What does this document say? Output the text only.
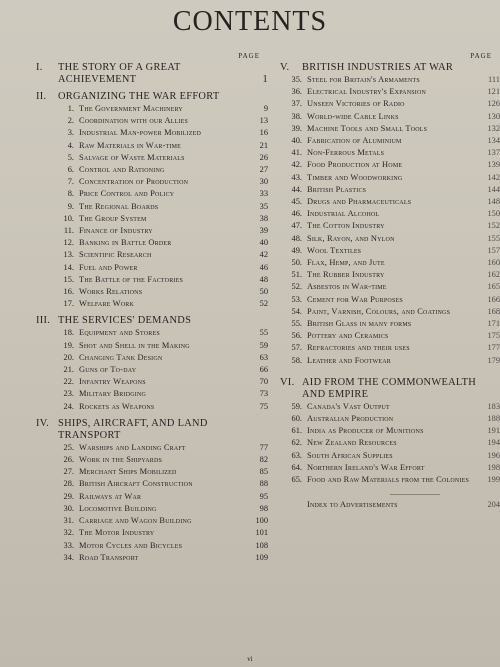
CONTENTS
PAGE
I.	THE STORY OF A GREAT ACHIEVEMENT	1
II.	ORGANIZING THE WAR EFFORT
1. The Government Machinery	9
2. Coordination with our Allies	13
3. Industrial Man-power Mobilized	16
4. Raw Materials in War-time	21
5. Salvage of Waste Materials	26
6. Control and Rationing	27
7. Concentration of Production	30
8. Price Control and Policy	33
9. The Regional Boards	35
10. The Group System	38
11. Finance of Industry	39
12. Banking in Battle Order	40
13. Scientific Research	42
14. Fuel and Power	46
15. The Battle of the Factories	48
16. Works Relations	50
17. Welfare Work	52
III. THE SERVICES' DEMANDS
18. Equipment and Stores	55
19. Shot and Shell in the Making	59
20. Changing Tank Design	63
21. Guns of To-day	66
22. Infantry Weapons	70
23. Military Bridging	73
24. Rockets as Weapons	75
IV. SHIPS, AIRCRAFT, AND LAND TRANSPORT
25. Warships and Landing Craft	77
26. Work in the Shipyards	82
27. Merchant Ships Mobilized	85
28. British Aircraft Construction	88
29. Railways at War	95
30. Locomotive Building	98
31. Carriage and Wagon Building	100
32. The Motor Industry	101
33. Motor Cycles and Bicycles	108
34. Road Transport	109
PAGE
V.	BRITISH INDUSTRIES AT WAR
35. Steel for Britain's Armaments	111
36. Electrical Industry's Expansion	121
37. Unseen Victories of Radio	126
38. World-wide Cable Links	130
39. Machine Tools and Small Tools	132
40. Fabrication of Aluminium	134
41. Non-Ferrous Metals	137
42. Food Production at Home	139
43. Timber and Woodworking	142
44. British Plastics	144
45. Drugs and Pharmaceuticals	148
46. Industrial Alcohol	150
47. The Cotton Industry	152
48. Silk, Rayon, and Nylon	155
49. Wool Textiles	157
50. Flax, Hemp, and Jute	160
51. The Rubber Industry	162
52. Asbestos in War-time	165
53. Cement for War Purposes	166
54. Paint, Varnish, Colours, and Coatings	168
55. British Glass in many forms	171
56. Pottery and Ceramics	175
57. Refractories and their uses	177
58. Leather and Footwear	179
VI. AID FROM THE COMMONWEALTH AND EMPIRE
59. Canada's Vast Output	183
60. Australian Production	188
61. India as Producer of Munitions	191
62. New Zealand Resources	194
63. South African Supplies	196
64. Northern Ireland's War Effort	198
65. Food and Raw Materials from the Colonies	199
Index to Advertisements	204
vi
